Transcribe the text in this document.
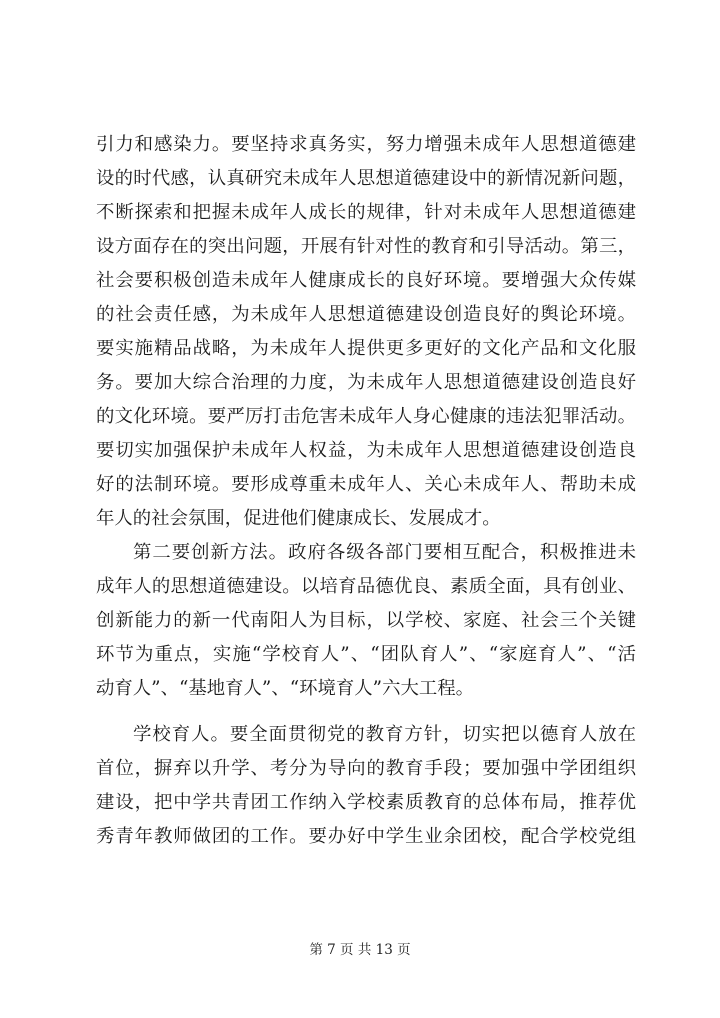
引力和感染力。要坚持求真务实，努力增强未成年人思想道德建
设的时代感，认真研究未成年人思想道德建设中的新情况新问题，
不断探索和把握未成年人成长的规律，针对未成年人思想道德建
设方面存在的突出问题，开展有针对性的教育和引导活动。第三，
社会要积极创造未成年人健康成长的良好环境。要增强大众传媒
的社会责任感，为未成年人思想道德建设创造良好的舆论环境。
要实施精品战略，为未成年人提供更多更好的文化产品和文化服
务。要加大综合治理的力度，为未成年人思想道德建设创造良好
的文化环境。要严厉打击危害未成年人身心健康的违法犯罪活动。
要切实加强保护未成年人权益，为未成年人思想道德建设创造良
好的法制环境。要形成尊重未成年人、关心未成年人、帮助未成
年人的社会氛围，促进他们健康成长、发展成才。
第二要创新方法。政府各级各部门要相互配合，积极推进未
成年人的思想道德建设。以培育品德优良、素质全面，具有创业、
创新能力的新一代南阳人为目标，以学校、家庭、社会三个关键
环节为重点，实施“学校育人”、“团队育人”、“家庭育人”、“活
动育人”、“基地育人”、“环境育人”六大工程。
学校育人。要全面贯彻党的教育方针，切实把以德育人放在
首位，摒弃以升学、考分为导向的教育手段；要加强中学团组织
建设，把中学共青团工作纳入学校素质教育的总体布局，推荐优
秀青年教师做团的工作。要办好中学生业余团校，配合学校党组
第 7 页 共 13 页
